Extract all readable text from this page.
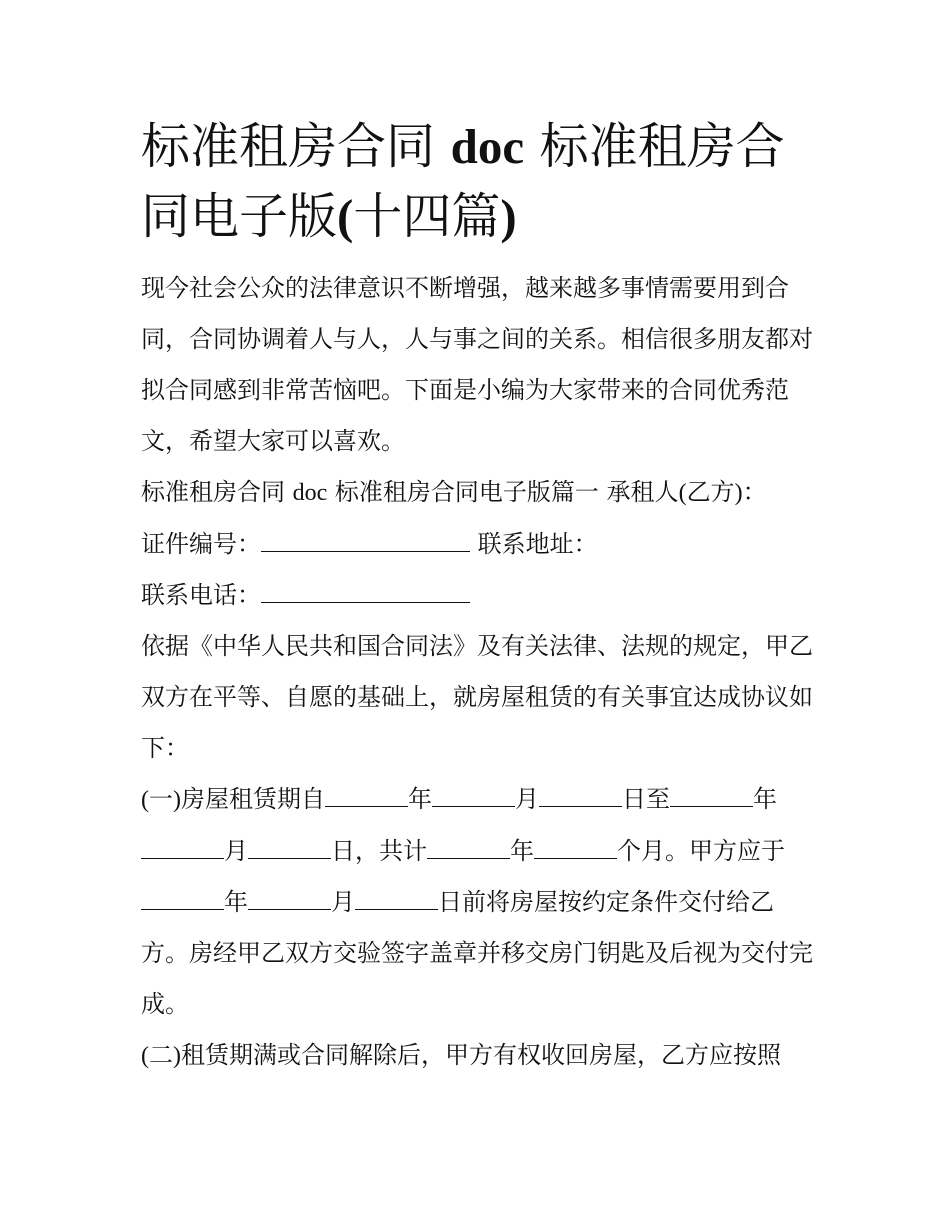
标准租房合同 doc 标准租房合同电子版(十四篇)

现今社会公众的法律意识不断增强，越来越多事情需要用到合同，合同协调着人与人，人与事之间的关系。相信很多朋友都对拟合同感到非常苦恼吧。下面是小编为大家带来的合同优秀范文，希望大家可以喜欢。

标准租房合同 doc 标准租房合同电子版篇一 承租人(乙方)：

证件编号：	联系地址：

联系电话：

依据《中华人民共和国合同法》及有关法律、法规的规定，甲乙双方在平等、自愿的基础上，就房屋租赁的有关事宜达成协议如下：

(一)房屋租赁期自	年	月	日至	年月	日，共计	年	个月。甲方应于年	月	日前将房屋按约定条件交付给乙方。房经甲乙双方交验签字盖章并移交房门钥匙及后视为交付完成。

(二)租赁期满或合同解除后，甲方有权收回房屋，乙方应按照
